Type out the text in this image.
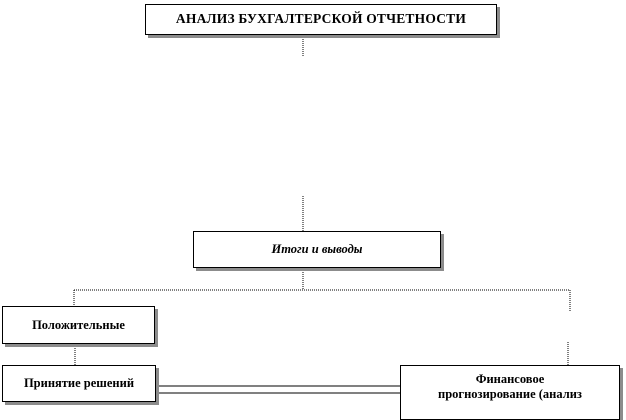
АНАЛИЗ БУХГАЛТЕРСКОЙ ОТЧЕТНОСТИ
Итоги и выводы
Положительные
Принятие решений	Финансовое
прогнозирование (анализ
